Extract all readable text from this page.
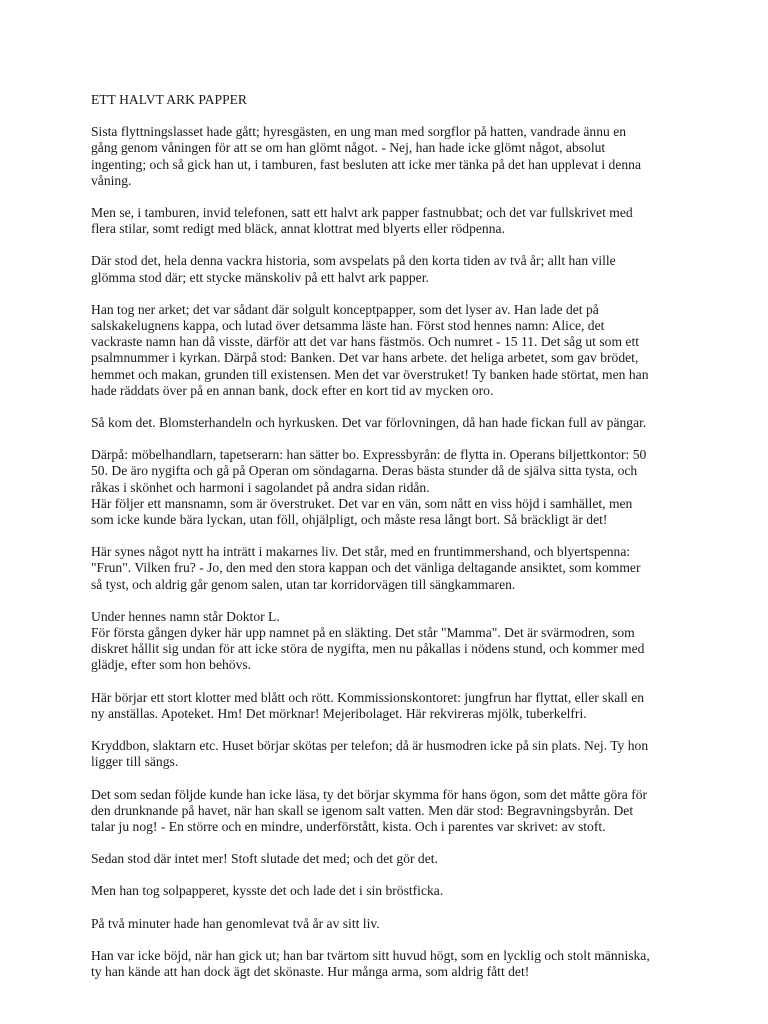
ETT HALVT ARK PAPPER
Sista flyttningslasset hade gått; hyresgästen, en ung man med sorgflor på hatten, vandrade ännu en
gång genom våningen för att se om han glömt något. - Nej, han hade icke glömt något, absolut
ingenting; och så gick han ut, i tamburen, fast besluten att icke mer tänka på det han upplevat i denna
våning.
Men se, i tamburen, invid telefonen, satt ett halvt ark papper fastnubbat; och det var fullskrivet med
flera stilar, somt redigt med bläck, annat klottrat med blyerts eller rödpenna.
Där stod det, hela denna vackra historia, som avspelats på den korta tiden av två år; allt han ville
glömma stod där; ett stycke mänskoliv på ett halvt ark papper.
Han tog ner arket; det var sådant där solgult konceptpapper, som det lyser av. Han lade det på
salskakelugnens kappa, och lutad över detsamma läste han. Först stod hennes namn: Alice, det
vackraste namn han då visste, därför att det var hans fästmös. Och numret - 15 11. Det såg ut som ett
psalmnummer i kyrkan. Därpå stod: Banken. Det var hans arbete. det heliga arbetet, som gav brödet,
hemmet och makan, grunden till existensen. Men det var överstruket! Ty banken hade störtat, men han
hade räddats över på en annan bank, dock efter en kort tid av mycken oro.
Så kom det. Blomsterhandeln och hyrkusken. Det var förlovningen, då han hade fickan full av pängar.
Därpå: möbelhandlarn, tapetserarn: han sätter bo. Expressbyrån: de flytta in. Operans biljettkontor: 50
50. De äro nygifta och gå på Operan om söndagarna. Deras bästa stunder då de själva sitta tysta, och
råkas i skönhet och harmoni i sagolandet på andra sidan ridån.
Här följer ett mansnamn, som är överstruket. Det var en vän, som nått en viss höjd i samhället, men
som icke kunde bära lyckan, utan föll, ohjälpligt, och måste resa långt bort. Så bräckligt är det!
Här synes något nytt ha inträtt i makarnes liv. Det står, med en fruntimmershand, och blyertspenna:
"Frun". Vilken fru? - Jo, den med den stora kappan och det vänliga deltagande ansiktet, som kommer
så tyst, och aldrig går genom salen, utan tar korridorvägen till sängkammaren.
Under hennes namn står Doktor L.
För första gången dyker här upp namnet på en släkting. Det står "Mamma". Det är svärmodren, som
diskret hållit sig undan för att icke störa de nygifta, men nu påkallas i nödens stund, och kommer med
glädje, efter som hon behövs.
Här börjar ett stort klotter med blått och rött. Kommissionskontoret: jungfrun har flyttat, eller skall en
ny anställas. Apoteket. Hm! Det mörknar! Mejeribolaget. Här rekvireras mjölk, tuberkelfri.
Kryddbon, slaktarn etc. Huset börjar skötas per telefon; då är husmodren icke på sin plats. Nej. Ty hon
ligger till sängs.
Det som sedan följde kunde han icke läsa, ty det börjar skymma för hans ögon, som det måtte göra för
den drunknande på havet, när han skall se igenom salt vatten. Men där stod: Begravningsbyrån. Det
talar ju nog! - En större och en mindre, underförstått, kista. Och i parentes var skrivet: av stoft.
Sedan stod där intet mer! Stoft slutade det med; och det gör det.
Men han tog solpapperet, kysste det och lade det i sin bröstficka.
På två minuter hade han genomlevat två år av sitt liv.
Han var icke böjd, när han gick ut; han bar tvärtom sitt huvud högt, som en lycklig och stolt människa,
ty han kände att han dock ägt det skönaste. Hur många arma, som aldrig fått det!
